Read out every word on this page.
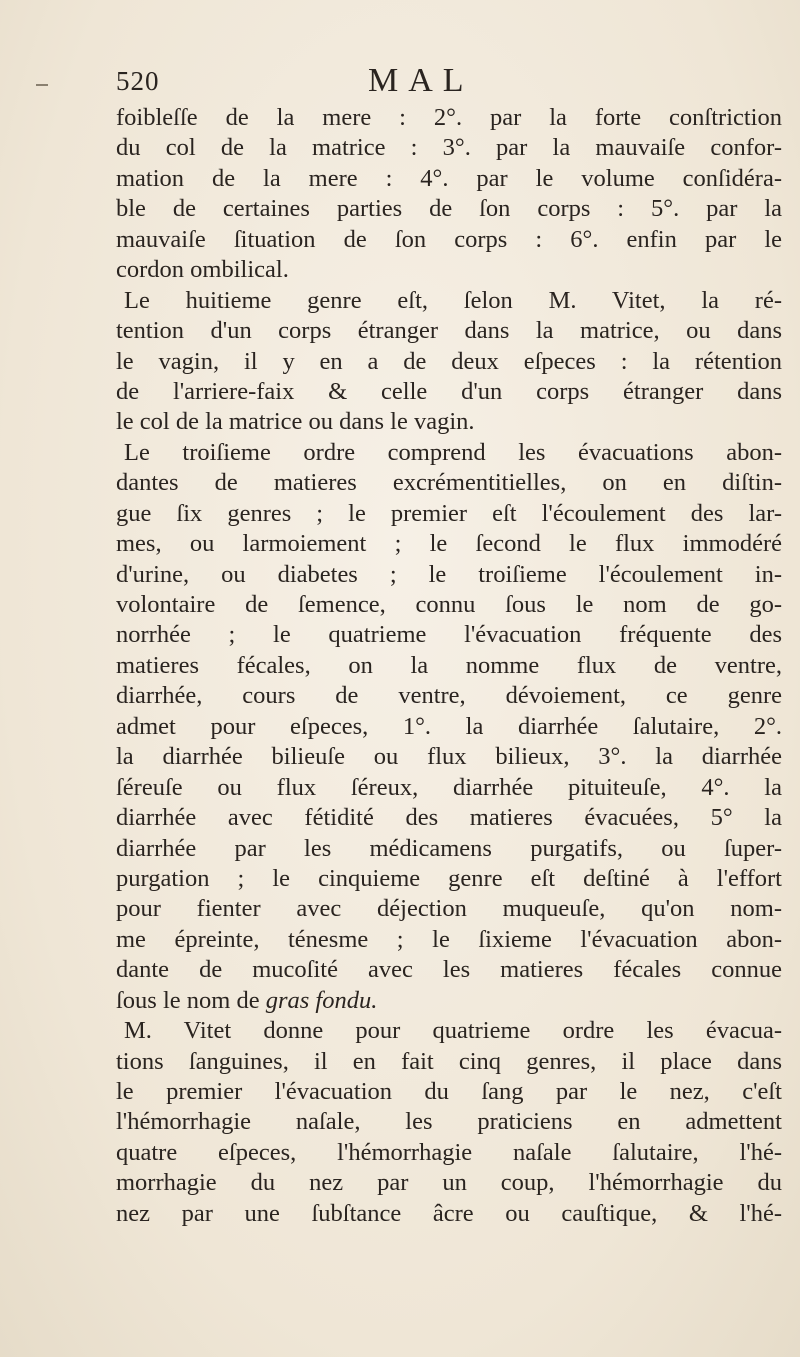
520	MAL
foibleſſe de la mere : 2°. par la forte conſtriction
du col de la matrice : 3°. par la mauvaiſe confor-
mation de la mere : 4°. par le volume conſidéra-
ble de certaines parties de ſon corps : 5°. par la
mauvaiſe ſituation de ſon corps : 6°. enfin par le
cordon ombilical.
Le huitieme genre eſt, ſelon M. Vitet, la ré-
tention d'un corps étranger dans la matrice, ou dans
le vagin, il y en a de deux eſpeces : la rétention
de l'arriere-faix & celle d'un corps étranger dans
le col de la matrice ou dans le vagin.
Le troiſieme ordre comprend les évacuations abon-
dantes de matieres excrémentitielles, on en diſtin-
gue ſix genres ; le premier eſt l'écoulement des lar-
mes, ou larmoiement ; le ſecond le flux immodéré
d'urine, ou diabetes ; le troiſieme l'écoulement in-
volontaire de ſemence, connu ſous le nom de go-
norrhée ; le quatrieme l'évacuation fréquente des
matieres fécales, on la nomme flux de ventre,
diarrhée, cours de ventre, dévoiement, ce genre
admet pour eſpeces, 1°. la diarrhée ſalutaire, 2°.
la diarrhée bilieuſe ou flux bilieux, 3°. la diarrhée
ſéreuſe ou flux ſéreux, diarrhée pituiteuſe, 4°. la
diarrhée avec fétidité des matieres évacuées, 5° la
diarrhée par les médicamens purgatifs, ou ſuper-
purgation ; le cinquieme genre eſt deſtiné à l'effort
pour fienter avec déjection muqueuſe, qu'on nom-
me épreinte, ténesme ; le ſixieme l'évacuation abon-
dante de mucoſité avec les matieres fécales connue
ſous le nom de gras fondu.
M. Vitet donne pour quatrieme ordre les évacua-
tions ſanguines, il en fait cinq genres, il place dans
le premier l'évacuation du ſang par le nez, c'eſt
l'hémorrhagie naſale, les praticiens en admettent
quatre eſpeces, l'hémorrhagie naſale ſalutaire, l'hé-
morrhagie du nez par un coup, l'hémorrhagie du
nez par une ſubſtance âcre ou cauſtique, & l'hé-
